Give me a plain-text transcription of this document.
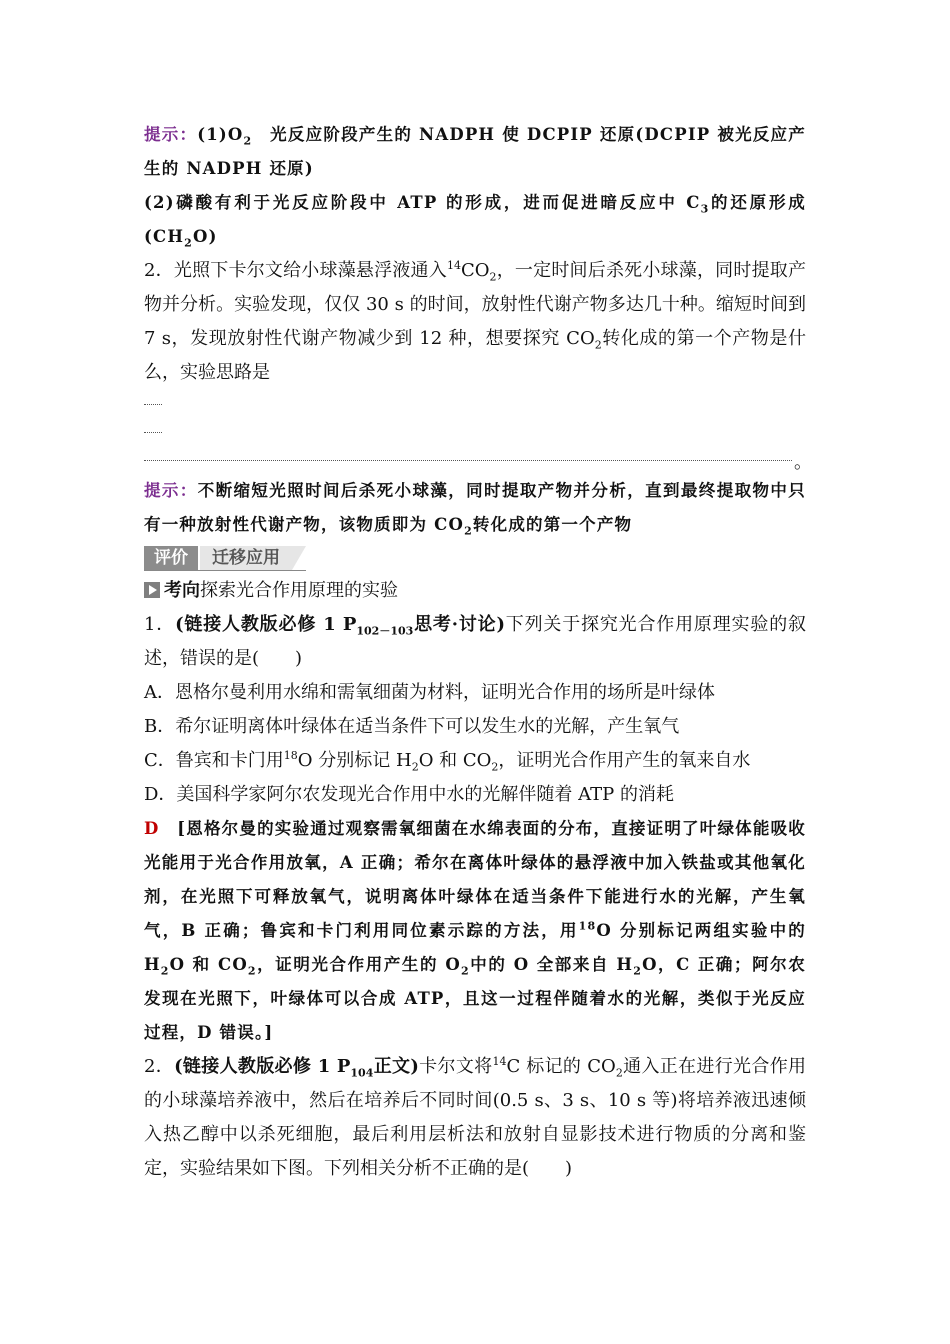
提示：$(1)O_2$　光反应阶段产生的 NADPH 使 DCPIP 还原(DCPIP 被光反应产生的 NADPH 还原)

(2)磷酸有利于光反应阶段中 ATP 的形成，进而促进暗反应中 $C_3$的还原形成$(CH_2O)$

2．光照下卡尔文给小球藻悬浮液通入$^{14}CO_2$，一定时间后杀死小球藻，同时提取产物并分析。实验发现，仅仅 30 s 的时间，放射性代谢产物多达几十种。缩短时间到 7 s，发现放射性代谢产物减少到 12 种，想要探究 $CO_2$转化成的第一个产物是什么，实验思路是

。

提示：不断缩短光照时间后杀死小球藻，同时提取产物并分析，直到最终提取物中只有一种放射性代谢产物，该物质即为 $CO_2$转化成的第一个产物

评价	迁移应用

考向探索光合作用原理的实验

1．(链接人教版必修 1 $P_{102-103}$思考·讨论)下列关于探究光合作用原理实验的叙述，错误的是(　　)

A．恩格尔曼利用水绵和需氧细菌为材料，证明光合作用的场所是叶绿体

B．希尔证明离体叶绿体在适当条件下可以发生水的光解，产生氧气

C．鲁宾和卡门用$^{18}$O 分别标记 $H_2O$ 和 $CO_2$，证明光合作用产生的氧来自水

D．美国科学家阿尔农发现光合作用中水的光解伴随着 ATP 的消耗

D　[恩格尔曼的实验通过观察需氧细菌在水绵表面的分布，直接证明了叶绿体能吸收光能用于光合作用放氧，A 正确；希尔在离体叶绿体的悬浮液中加入铁盐或其他氧化剂，在光照下可释放氧气，说明离体叶绿体在适当条件下能进行水的光解，产生氧气，B 正确；鲁宾和卡门利用同位素示踪的方法，用$^{18}$O 分别标记两组实验中的 $H_2O$ 和 $CO_2$，证明光合作用产生的 $O_2$中的 O 全部来自 $H_2O$，C 正确；阿尔农发现在光照下，叶绿体可以合成 ATP，且这一过程伴随着水的光解，类似于光反应过程，D 错误。]

2．(链接人教版必修 1 $P_{104}$正文)卡尔文将$^{14}$C 标记的 $CO_2$通入正在进行光合作用的小球藻培养液中，然后在培养后不同时间(0.5 s、3 s、10 s 等)将培养液迅速倾入热乙醇中以杀死细胞，最后利用层析法和放射自显影技术进行物质的分离和鉴定，实验结果如下图。下列相关分析不正确的是(　　)
